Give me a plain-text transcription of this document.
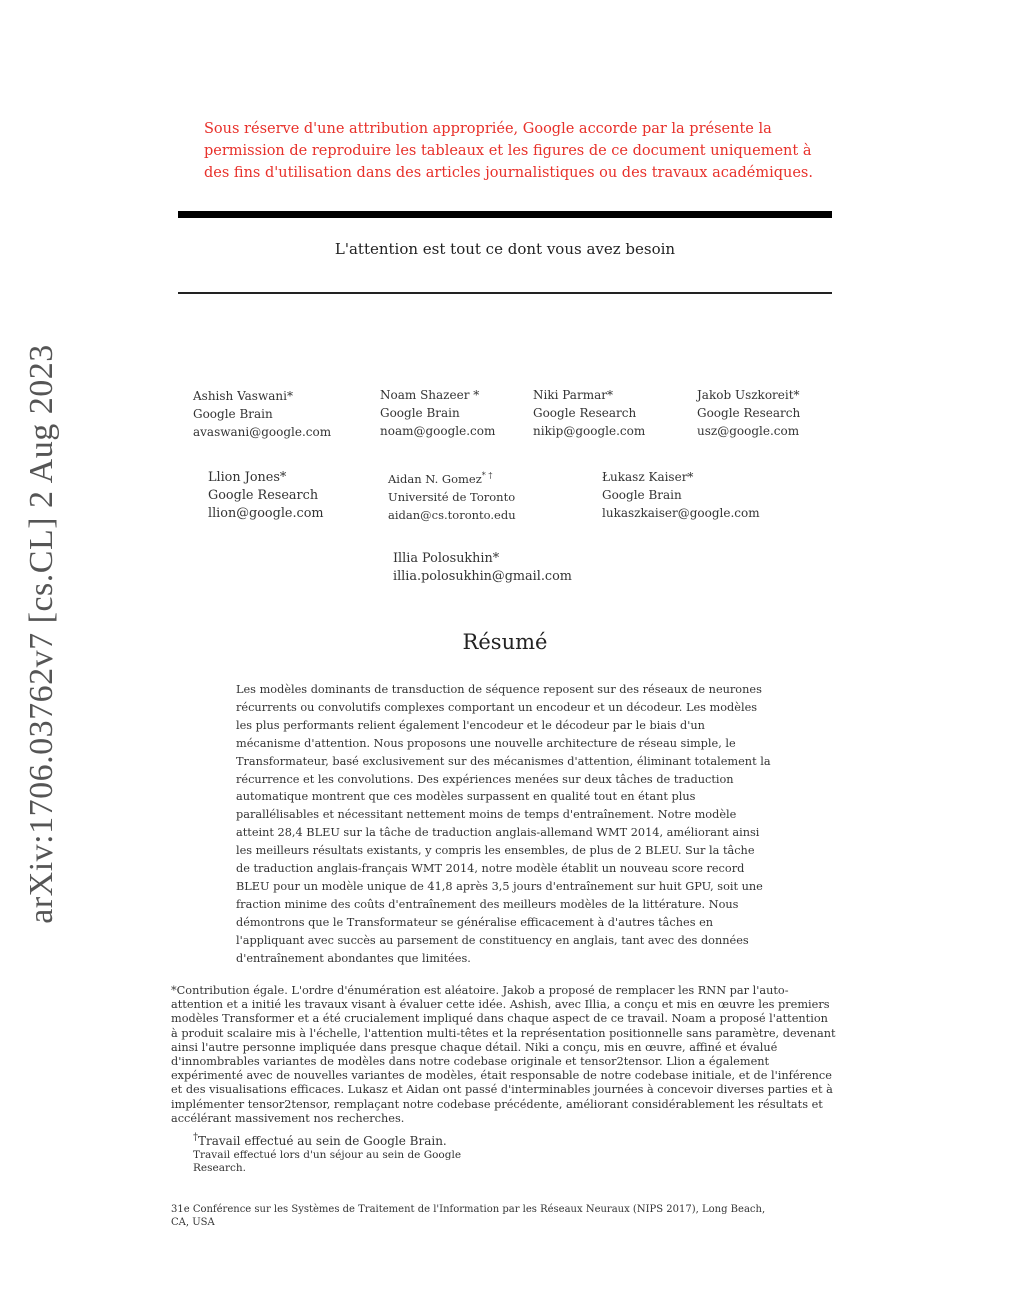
Sous réserve d'une attribution appropriée, Google accorde par la présente la permission de reproduire les tableaux et les figures de ce document uniquement à des fins d'utilisation dans des articles journalistiques ou des travaux académiques.
L'attention est tout ce dont vous avez besoin
arXiv:1706.03762v7 [cs.CL] 2 Aug 2023	Ashish Vaswani*
Google Brain
avaswani@google.com
Noam Shazeer *
Google Brain
noam@google.com
Niki Parmar*
Google Research
nikip@google.com
Jakob Uszkoreit*
Google Research
usz@google.com
Llion Jones*
Google Research
llion@google.com
Aidan N. Gomez* †
Université de Toronto
aidan@cs.toronto.edu
Łukasz Kaiser*
Google Brain
lukaszkaiser@google.com
Illia Polosukhin*
illia.polosukhin@gmail.com
Résumé
Les modèles dominants de transduction de séquence reposent sur des réseaux de neurones récurrents ou convolutifs complexes comportant un encodeur et un décodeur. Les modèles les plus performants relient également l'encodeur et le décodeur par le biais d'un mécanisme d'attention. Nous proposons une nouvelle architecture de réseau simple, le Transformateur, basé exclusivement sur des mécanismes d'attention, éliminant totalement la récurrence et les convolutions. Des expériences menées sur deux tâches de traduction automatique montrent que ces modèles surpassent en qualité tout en étant plus parallélisables et nécessitant nettement moins de temps d'entraînement. Notre modèle atteint 28,4 BLEU sur la tâche de traduction anglais-allemand WMT 2014, améliorant ainsi les meilleurs résultats existants, y compris les ensembles, de plus de 2 BLEU. Sur la tâche de traduction anglais-français WMT 2014, notre modèle établit un nouveau score record BLEU pour un modèle unique de 41,8 après 3,5 jours d'entraînement sur huit GPU, soit une fraction minime des coûts d'entraînement des meilleurs modèles de la littérature. Nous démontrons que le Transformateur se généralise efficacement à d'autres tâches en l'appliquant avec succès au parsement de constituency en anglais, tant avec des données d'entraînement abondantes que limitées.
*Contribution égale. L'ordre d'énumération est aléatoire. Jakob a proposé de remplacer les RNN par l'auto-attention et a initié les travaux visant à évaluer cette idée. Ashish, avec Illia, a conçu et mis en œuvre les premiers modèles Transformer et a été crucialement impliqué dans chaque aspect de ce travail. Noam a proposé l'attention à produit scalaire mis à l'échelle, l'attention multi-têtes et la représentation positionnelle sans paramètre, devenant ainsi l'autre personne impliquée dans presque chaque détail. Niki a conçu, mis en œuvre, affiné et évalué d'innombrables variantes de modèles dans notre codebase originale et tensor2tensor. Llion a également expérimenté avec de nouvelles variantes de modèles, était responsable de notre codebase initiale, et de l'inférence et des visualisations efficaces. Lukasz et Aidan ont passé d'interminables journées à concevoir diverses parties et à implémenter tensor2tensor, remplaçant notre codebase précédente, améliorant considérablement les résultats et accélérant massivement nos recherches.
†Travail effectué au sein de Google Brain.
Travail effectué lors d'un séjour au sein de Google Research.
31e Conférence sur les Systèmes de Traitement de l'Information par les Réseaux Neuraux (NIPS 2017), Long Beach, CA, USA
